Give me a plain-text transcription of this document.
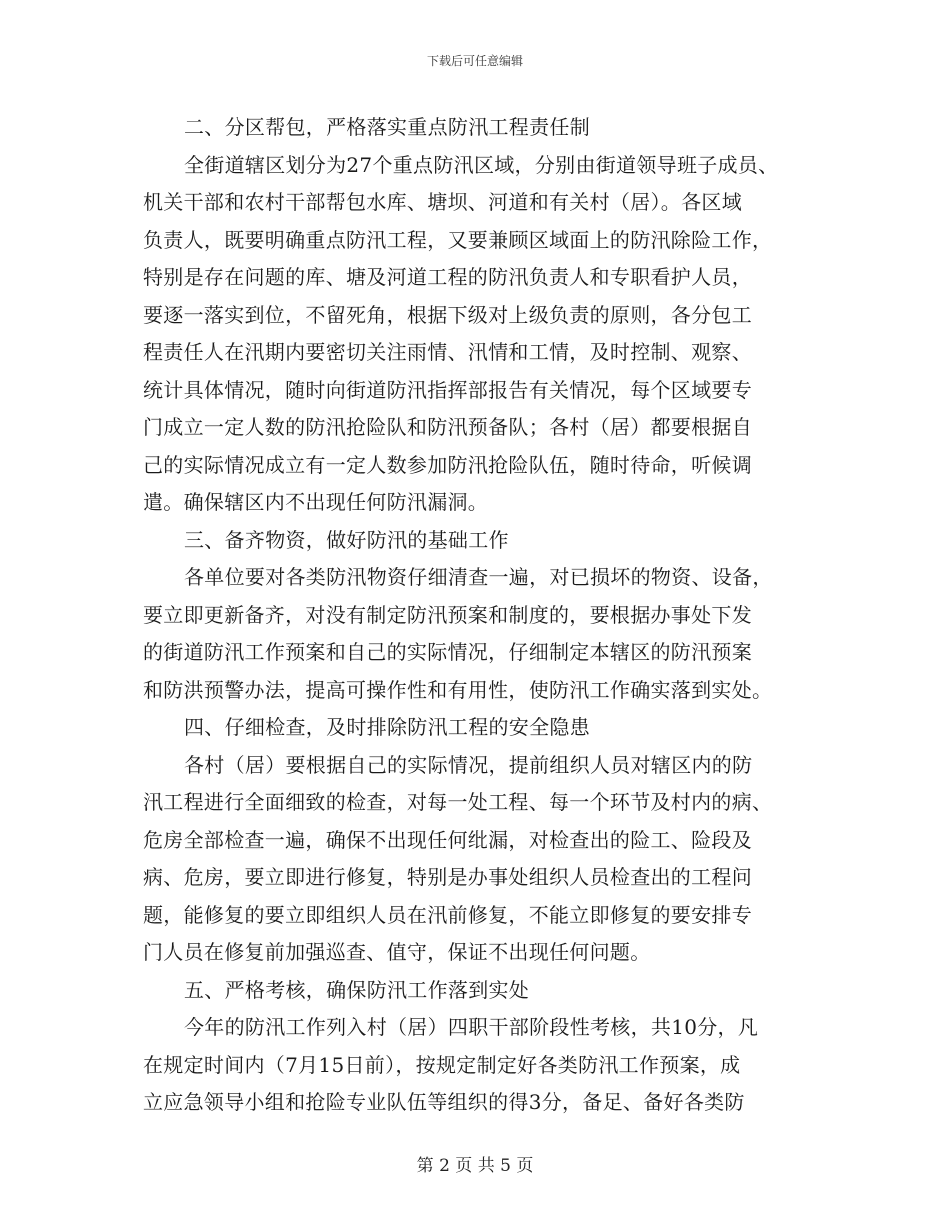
下载后可任意编辑
二、分区帮包，严格落实重点防汛工程责任制
全街道辖区划分为27个重点防汛区域，分别由街道领导班子成员、
机关干部和农村干部帮包水库、塘坝、河道和有关村（居）。各区域
负责人，既要明确重点防汛工程，又要兼顾区域面上的防汛除险工作，
特别是存在问题的库、塘及河道工程的防汛负责人和专职看护人员，
要逐一落实到位，不留死角，根据下级对上级负责的原则，各分包工
程责任人在汛期内要密切关注雨情、汛情和工情，及时控制、观察、
统计具体情况，随时向街道防汛指挥部报告有关情况，每个区域要专
门成立一定人数的防汛抢险队和防汛预备队；各村（居）都要根据自
己的实际情况成立有一定人数参加防汛抢险队伍，随时待命，听候调
遣。确保辖区内不出现任何防汛漏洞。
三、备齐物资，做好防汛的基础工作
各单位要对各类防汛物资仔细清查一遍，对已损坏的物资、设备，
要立即更新备齐，对没有制定防汛预案和制度的，要根据办事处下发
的街道防汛工作预案和自己的实际情况，仔细制定本辖区的防汛预案
和防洪预警办法，提高可操作性和有用性，使防汛工作确实落到实处。
四、仔细检查，及时排除防汛工程的安全隐患
各村（居）要根据自己的实际情况，提前组织人员对辖区内的防
汛工程进行全面细致的检查，对每一处工程、每一个环节及村内的病、
危房全部检查一遍，确保不出现任何纰漏，对检查出的险工、险段及
病、危房，要立即进行修复，特别是办事处组织人员检查出的工程问
题，能修复的要立即组织人员在汛前修复，不能立即修复的要安排专
门人员在修复前加强巡查、值守，保证不出现任何问题。
五、严格考核，确保防汛工作落到实处
今年的防汛工作列入村（居）四职干部阶段性考核，共10分，凡
在规定时间内（7月15日前），按规定制定好各类防汛工作预案，成
立应急领导小组和抢险专业队伍等组织的得3分，备足、备好各类防
第 2 页 共 5 页
